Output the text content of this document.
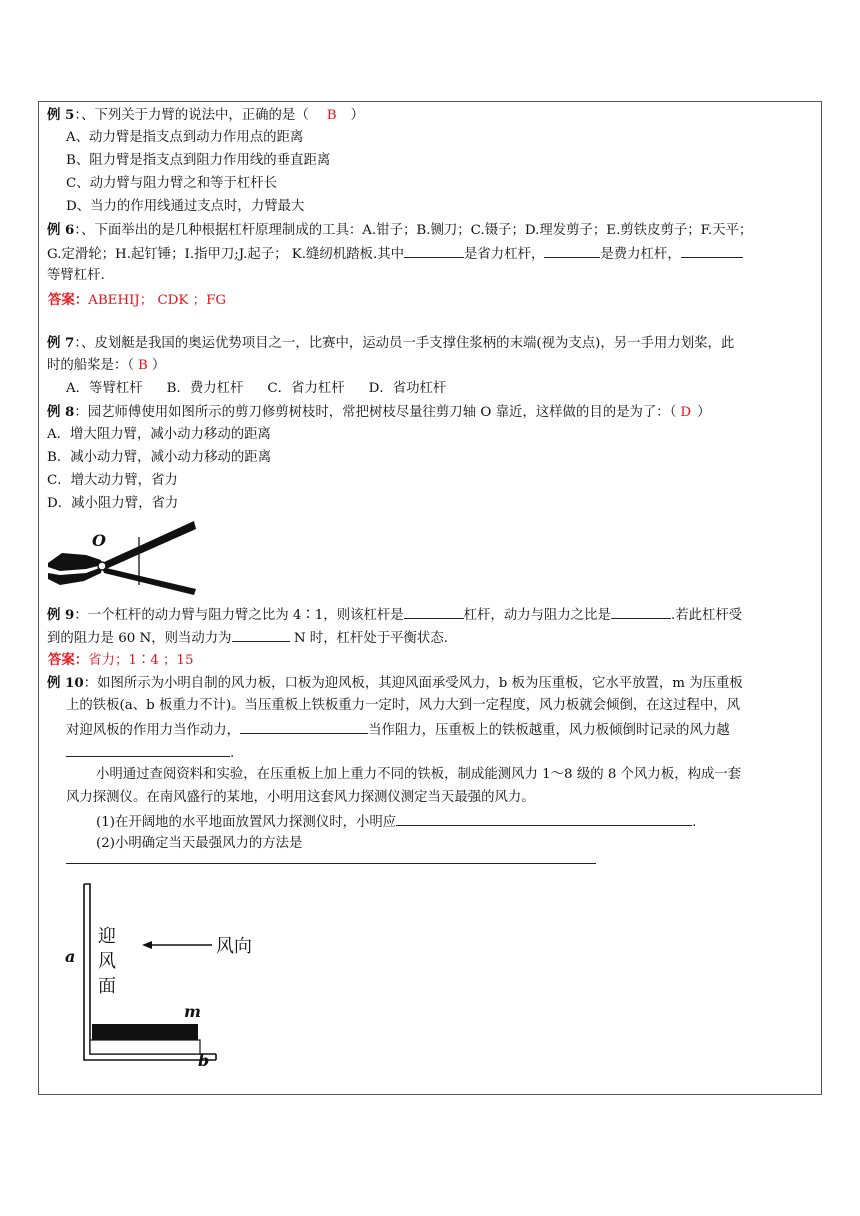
例 5：、下列关于力臂的说法中，正确的是（ B ）
A、动力臂是指支点到动力作用点的距离
B、阻力臂是指支点到阻力作用线的垂直距离
C、动力臂与阻力臂之和等于杠杆长
D、当力的作用线通过支点时，力臂最大
例 6：、下面举出的是几种根据杠杆原理制成的工具：A.钳子；B.铡刀；C.镊子；D.理发剪子；E.剪铁皮剪子；F.天平；
G.定滑轮；H.起钉锤；I.指甲刀;J.起子； K.缝纫机踏板.其中	是省力杠杆，	是费力杠杆，
等臂杠杆.
答案：ABEHIJ； CDK ；FG
例 7：、皮划艇是我国的奥运优势项目之一，比赛中，运动员一手支撑住浆柄的末端(视为支点)，另一手用力划桨，此
时的船桨是：（ B ）
A．等臂杠杆 B．费力杠杆 C．省力杠杆 D．省功杠杆
例 8：园艺师傅使用如图所示的剪刀修剪树枝时，常把树枝尽量往剪刀轴 O 靠近，这样做的目的是为了：（ D ）
A．增大阻力臂，减小动力移动的距离
B．减小动力臂，减小动力移动的距离
C．增大动力臂，省力
D．减小阻力臂，省力
O
例 9：一个杠杆的动力臂与阻力臂之比为 4∶1，则该杠杆是	杠杆，动力与阻力之比是	.若此杠杆受
到的阻力是 60 N，则当动力为	N 时，杠杆处于平衡状态.
答案：省力；1∶4 ；15
例 10：如图所示为小明自制的风力板，口板为迎风板，其迎风面承受风力，b 板为压重板，它水平放置，m 为压重板
上的铁板(a、b 板重力不计)。当压重板上铁板重力一定时，风力大到一定程度，风力板就会倾倒，在这过程中，风
对迎风板的作用力当作动力，	当作阻力，压重板上的铁板越重，风力板倾倒时记录的风力越
.
小明通过查阅资料和实验，在压重板上加上重力不同的铁板，制成能测风力 1～8 级的 8 个风力板，构成一套
风力探测仪。在南风盛行的某地，小明用这套风力探测仪测定当天最强的风力。
(1)在开阔地的水平地面放置风力探测仪时，小明应	.
(2)小明确定当天最强风力的方法是
a
b
m
迎
风
面
风向
